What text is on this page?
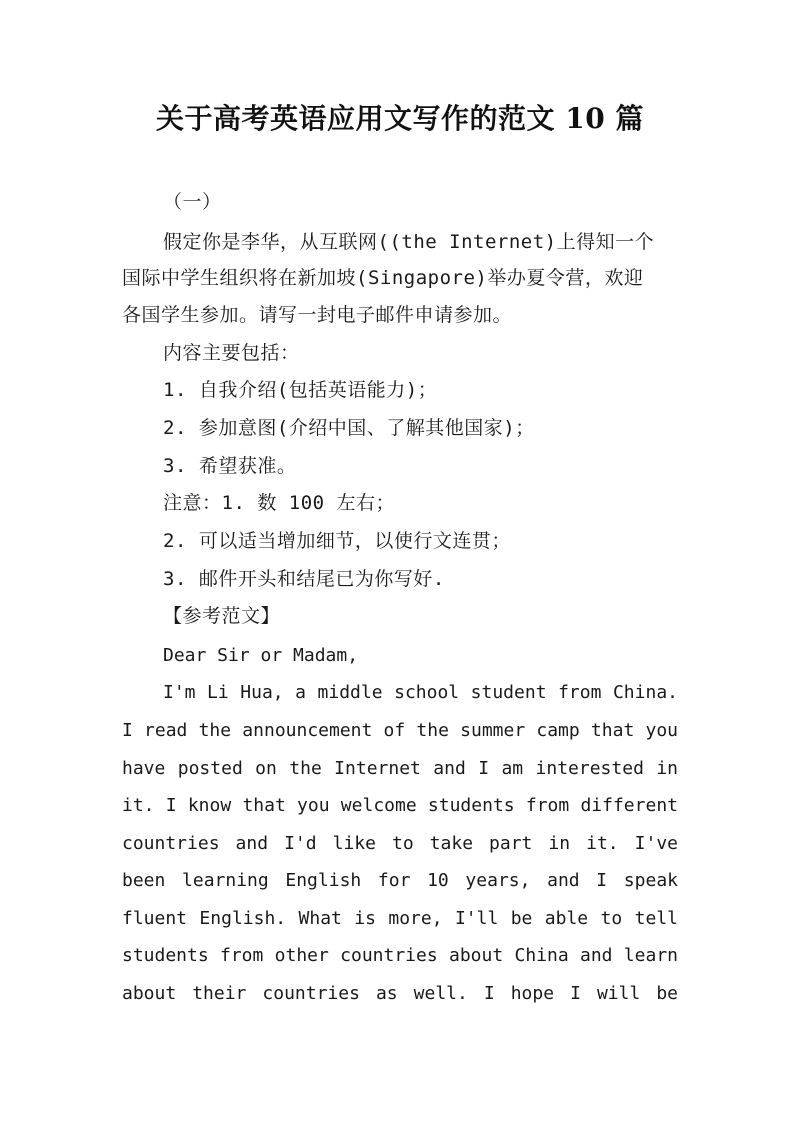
关于高考英语应用文写作的范文 10 篇

（一）

假定你是李华，从互联网((the Internet)上得知一个

国际中学生组织将在新加坡(Singapore)举办夏令营，欢迎

各国学生参加。请写一封电子邮件申请参加。

内容主要包括：

1. 自我介绍(包括英语能力)；

2. 参加意图(介绍中国、了解其他国家)；

3. 希望获准。

注意：1. 数 100 左右；

2. 可以适当增加细节，以使行文连贯；

3. 邮件开头和结尾已为你写好.

【参考范文】

Dear Sir or Madam,

I'm Li Hua, a middle school student from China.

I read the announcement of the summer camp that you

have posted on the Internet and I am interested in

it. I know that you welcome students from different

countries and I'd like to take part in it. I've

been learning English for 10 years, and I speak

fluent English. What is more, I'll be able to tell

students from other countries about China and learn

about their countries as well. I hope I will be
